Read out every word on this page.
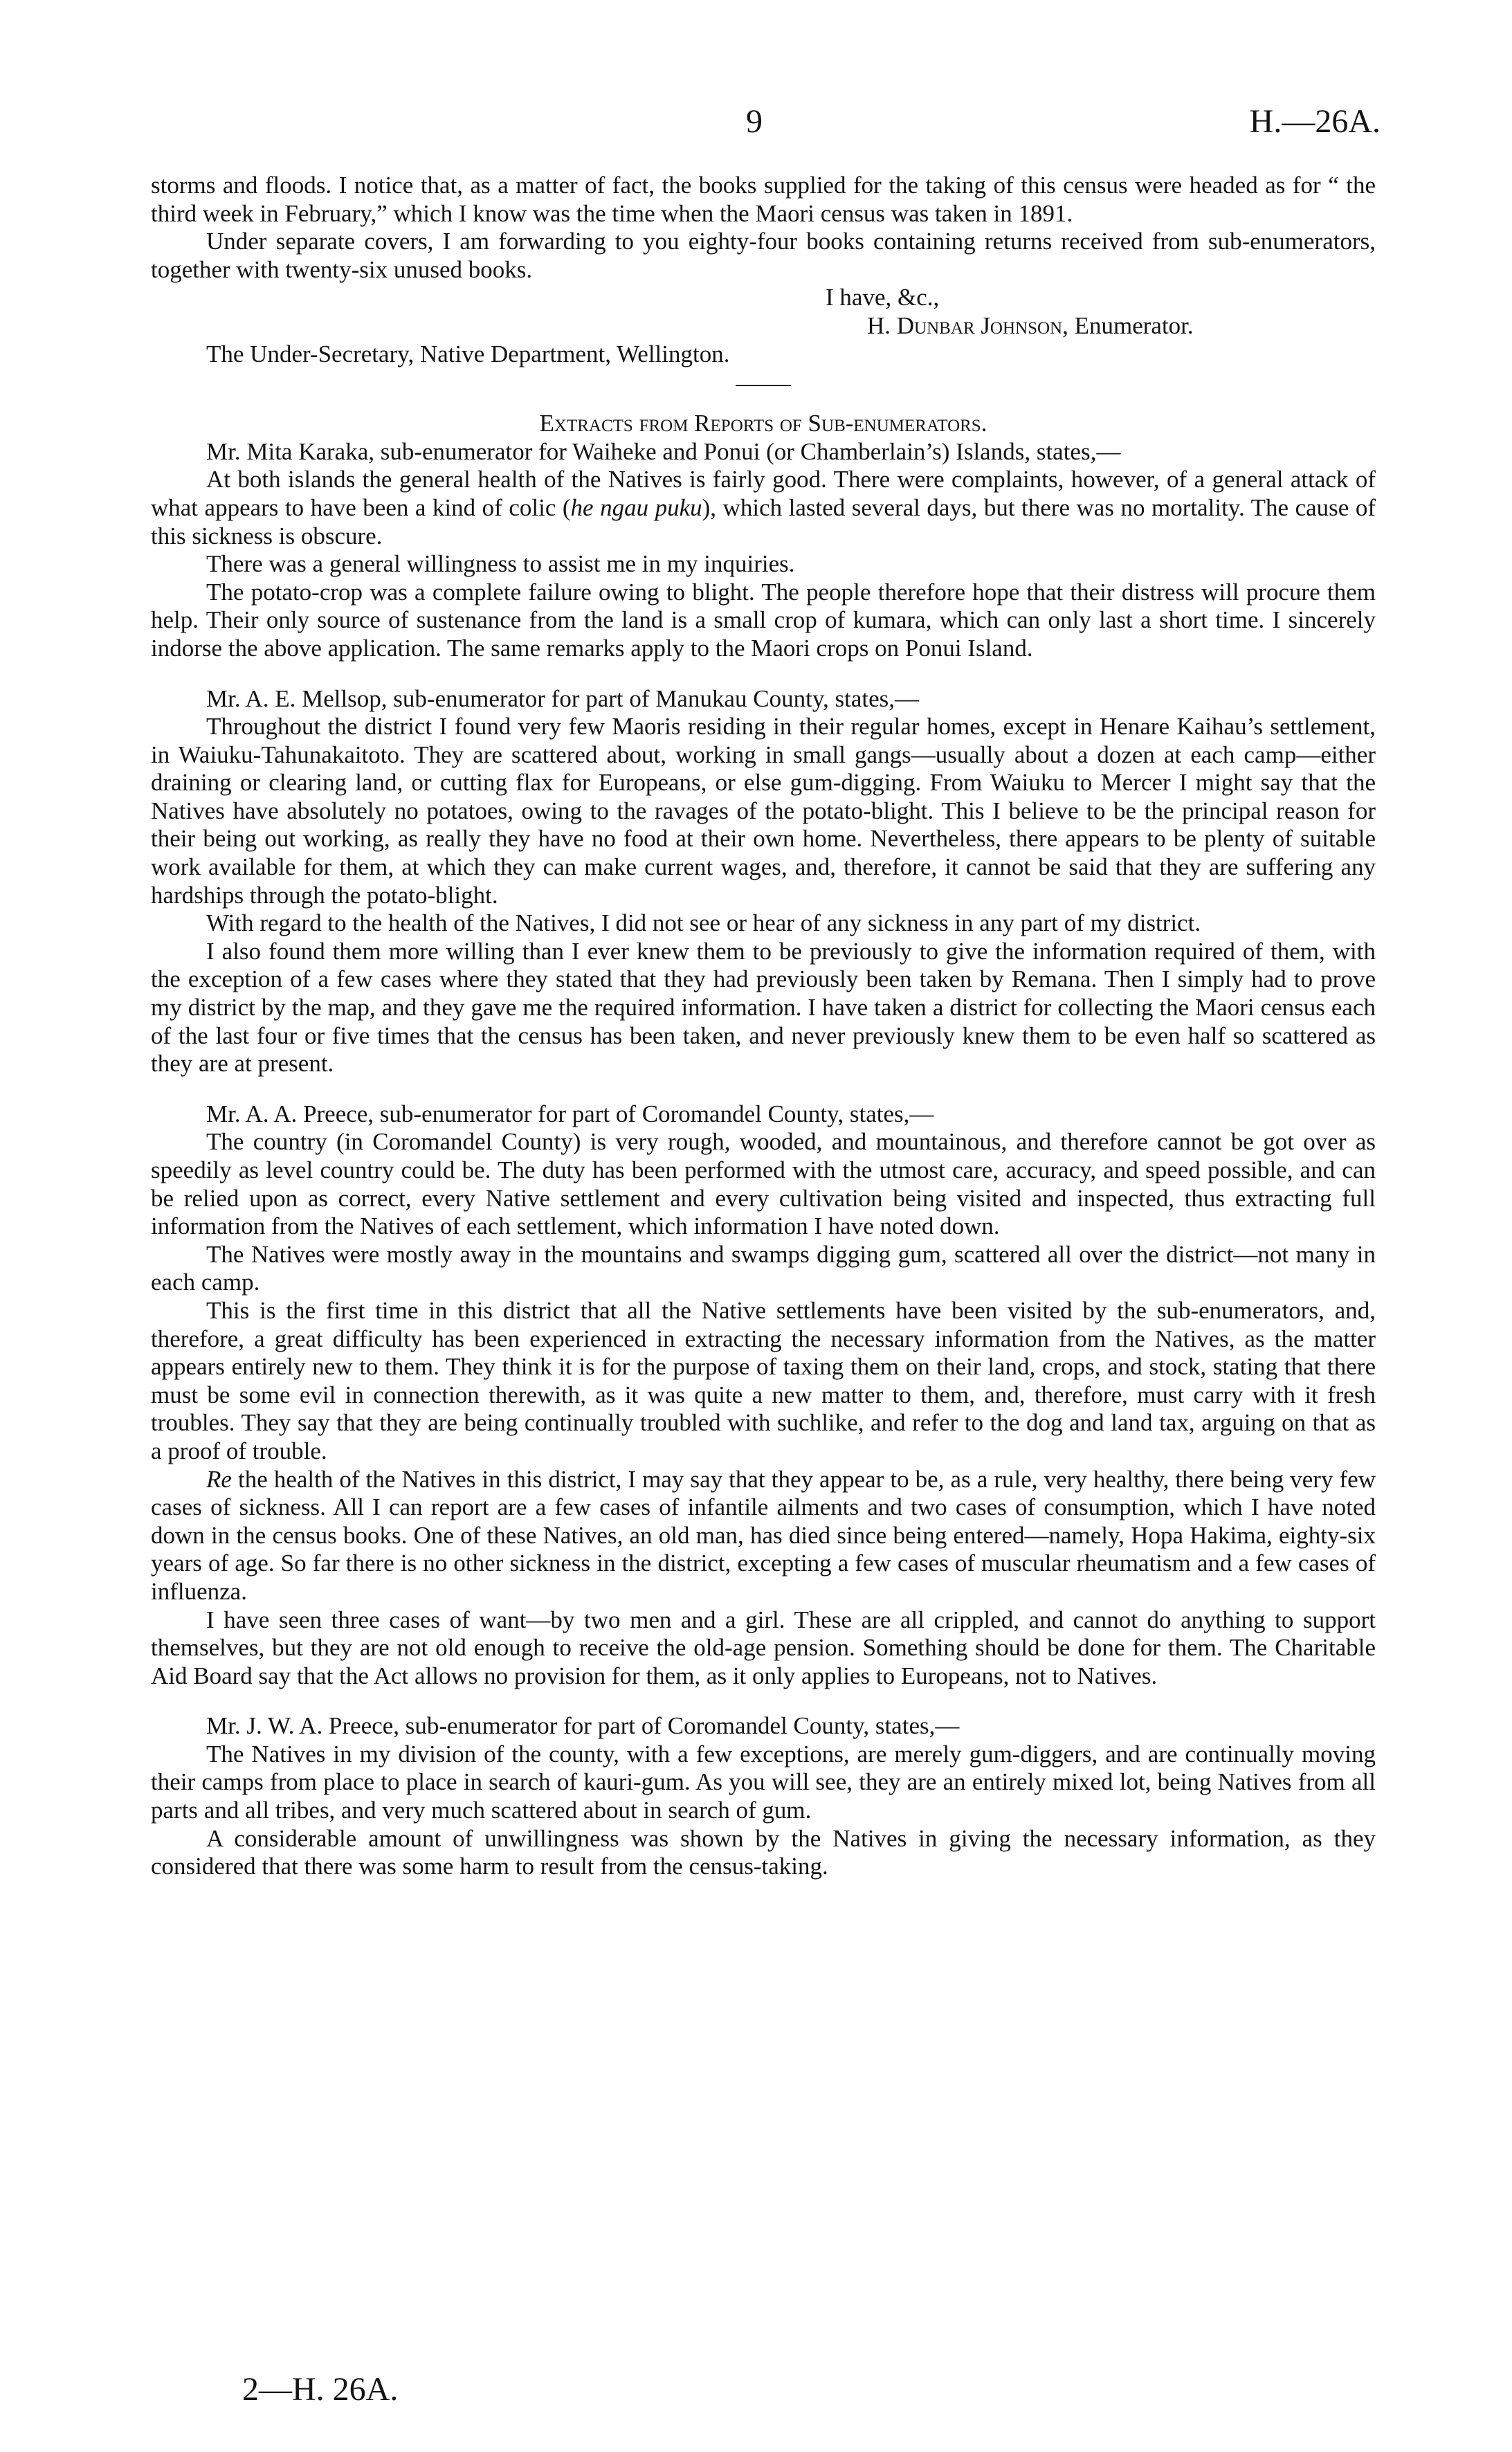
9	H.—26A.

storms and floods. I notice that, as a matter of fact, the books supplied for the taking of this census were headed as for “ the third week in February,” which I know was the time when the Maori census was taken in 1891.

Under separate covers, I am forwarding to you eighty-four books containing returns received from sub-enumerators, together with twenty-six unused books.

I have, &c.,
H. Dunbar Johnson, Enumerator.

The Under-Secretary, Native Department, Wellington.

Extracts from Reports of Sub-enumerators.

Mr. Mita Karaka, sub-enumerator for Waiheke and Ponui (or Chamberlain’s) Islands, states,—

At both islands the general health of the Natives is fairly good. There were complaints, however, of a general attack of what appears to have been a kind of colic (he ngau puku), which lasted several days, but there was no mortality. The cause of this sickness is obscure.

There was a general willingness to assist me in my inquiries.

The potato-crop was a complete failure owing to blight. The people therefore hope that their distress will procure them help. Their only source of sustenance from the land is a small crop of kumara, which can only last a short time. I sincerely indorse the above application. The same remarks apply to the Maori crops on Ponui Island.

Mr. A. E. Mellsop, sub-enumerator for part of Manukau County, states,—

Throughout the district I found very few Maoris residing in their regular homes, except in Henare Kaihau’s settlement, in Waiuku-Tahunakaitoto. They are scattered about, working in small gangs—usually about a dozen at each camp—either draining or clearing land, or cutting flax for Europeans, or else gum-digging. From Waiuku to Mercer I might say that the Natives have absolutely no potatoes, owing to the ravages of the potato-blight. This I believe to be the principal reason for their being out working, as really they have no food at their own home. Nevertheless, there appears to be plenty of suitable work available for them, at which they can make current wages, and, therefore, it cannot be said that they are suffering any hardships through the potato-blight.

With regard to the health of the Natives, I did not see or hear of any sickness in any part of my district.

I also found them more willing than I ever knew them to be previously to give the information required of them, with the exception of a few cases where they stated that they had previously been taken by Remana. Then I simply had to prove my district by the map, and they gave me the required information. I have taken a district for collecting the Maori census each of the last four or five times that the census has been taken, and never previously knew them to be even half so scattered as they are at present.

Mr. A. A. Preece, sub-enumerator for part of Coromandel County, states,—

The country (in Coromandel County) is very rough, wooded, and mountainous, and therefore cannot be got over as speedily as level country could be. The duty has been performed with the utmost care, accuracy, and speed possible, and can be relied upon as correct, every Native settlement and every cultivation being visited and inspected, thus extracting full information from the Natives of each settlement, which information I have noted down.

The Natives were mostly away in the mountains and swamps digging gum, scattered all over the district—not many in each camp.

This is the first time in this district that all the Native settlements have been visited by the sub-enumerators, and, therefore, a great difficulty has been experienced in extracting the necessary information from the Natives, as the matter appears entirely new to them. They think it is for the purpose of taxing them on their land, crops, and stock, stating that there must be some evil in connection therewith, as it was quite a new matter to them, and, therefore, must carry with it fresh troubles. They say that they are being continually troubled with suchlike, and refer to the dog and land tax, arguing on that as a proof of trouble.

Re the health of the Natives in this district, I may say that they appear to be, as a rule, very healthy, there being very few cases of sickness. All I can report are a few cases of infantile ailments and two cases of consumption, which I have noted down in the census books. One of these Natives, an old man, has died since being entered—namely, Hopa Hakima, eighty-six years of age. So far there is no other sickness in the district, excepting a few cases of muscular rheumatism and a few cases of influenza.

I have seen three cases of want—by two men and a girl. These are all crippled, and cannot do anything to support themselves, but they are not old enough to receive the old-age pension. Something should be done for them. The Charitable Aid Board say that the Act allows no provision for them, as it only applies to Europeans, not to Natives.

Mr. J. W. A. Preece, sub-enumerator for part of Coromandel County, states,—

The Natives in my division of the county, with a few exceptions, are merely gum-diggers, and are continually moving their camps from place to place in search of kauri-gum. As you will see, they are an entirely mixed lot, being Natives from all parts and all tribes, and very much scattered about in search of gum.

A considerable amount of unwillingness was shown by the Natives in giving the necessary information, as they considered that there was some harm to result from the census-taking.

2—H. 26A.
